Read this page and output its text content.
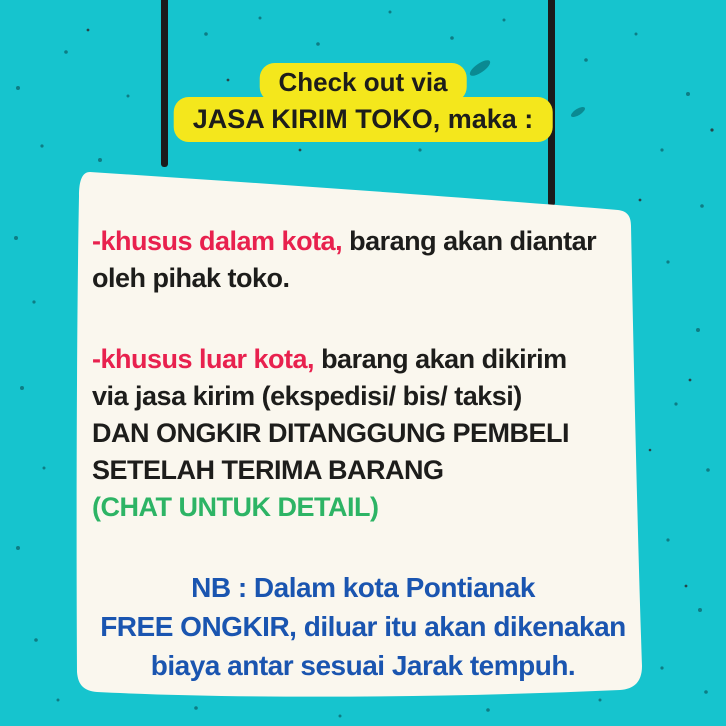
Check out via
JASA KIRIM TOKO, maka :
-khusus dalam kota, barang akan diantar
oleh pihak toko.
-khusus luar kota, barang akan dikirim
via jasa kirim (ekspedisi/ bis/ taksi)
DAN ONGKIR DITANGGUNG PEMBELI
SETELAH TERIMA BARANG
(CHAT UNTUK DETAIL)
NB : Dalam kota Pontianak
FREE ONGKIR, diluar itu akan dikenakan
biaya antar sesuai Jarak tempuh.
